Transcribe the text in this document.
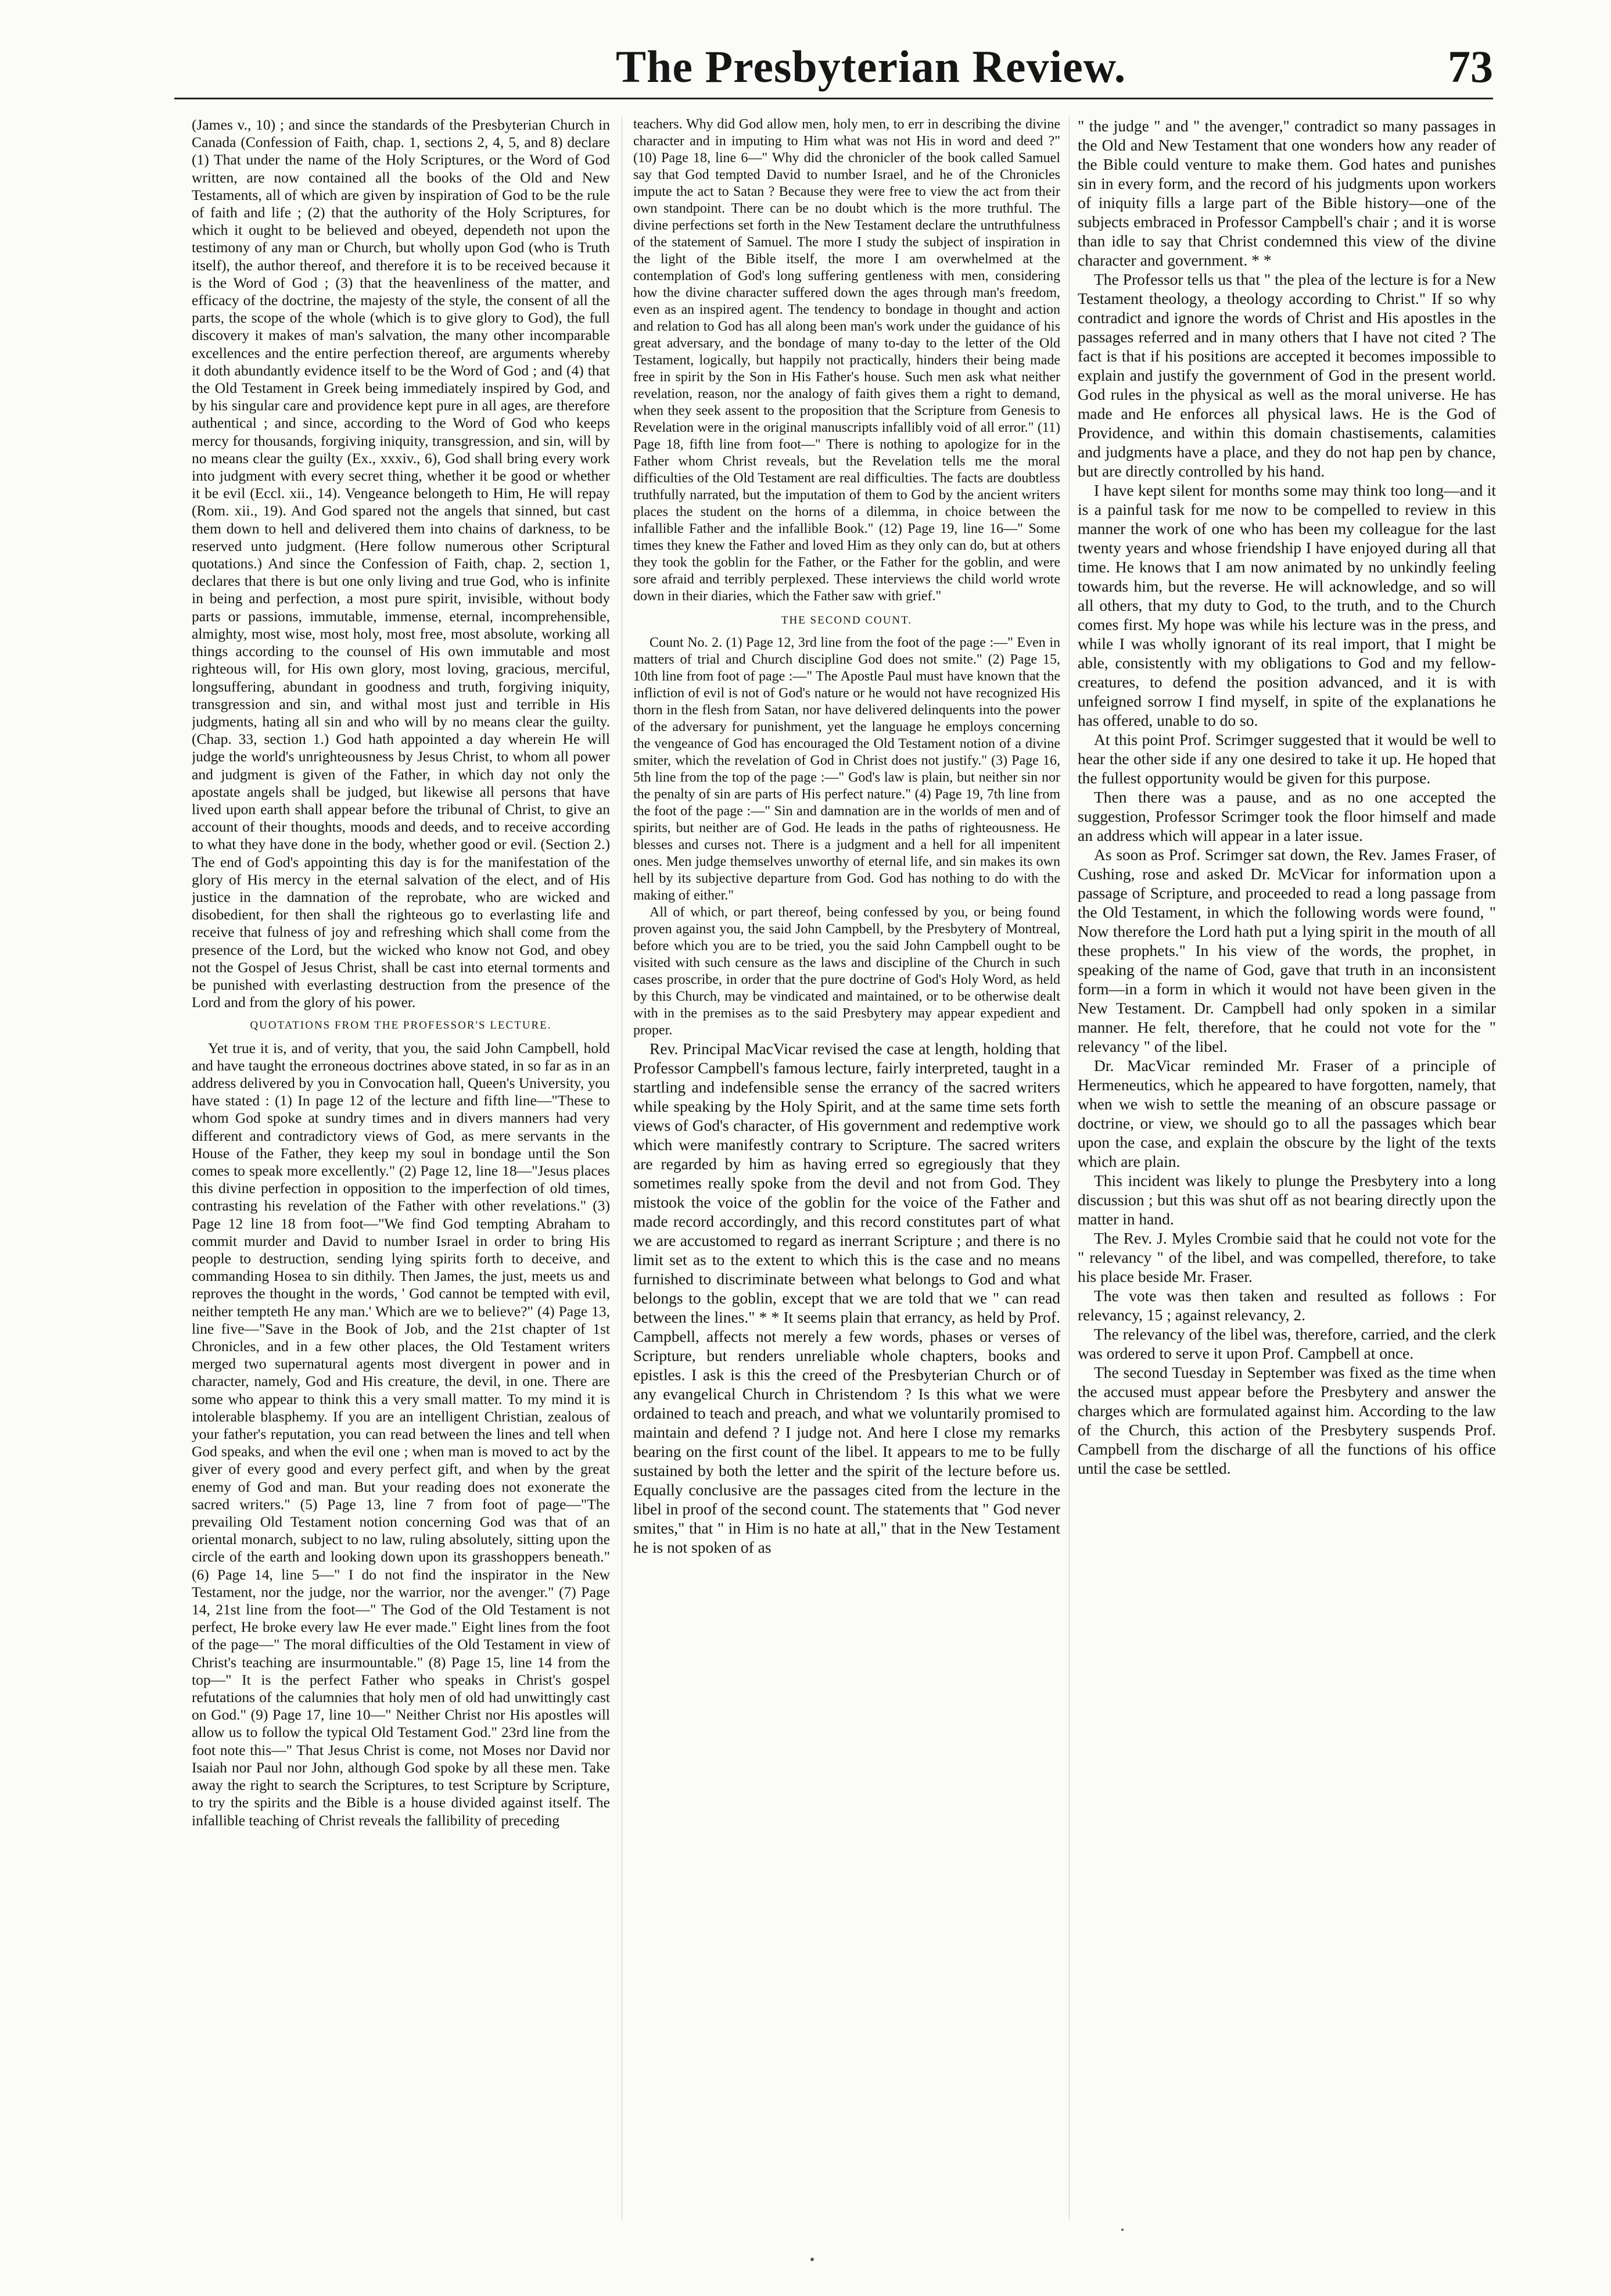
The Presbyterian Review.	73

(James v., 10) ; and since the standards of the Presbyterian Church in Canada (Confession of Faith, chap. 1, sections 2, 4, 5, and 8) declare (1) That under the name of the Holy Scriptures, or the Word of God written, are now contained all the books of the Old and New Testaments, all of which are given by inspiration of God to be the rule of faith and life ; (2) that the authority of the Holy Scriptures, for which it ought to be believed and obeyed, dependeth not upon the testimony of any man or Church, but wholly upon God (who is Truth itself), the author thereof, and therefore it is to be received because it is the Word of God ; (3) that the heavenliness of the matter, and efficacy of the doctrine, the majesty of the style, the consent of all the parts, the scope of the whole (which is to give glory to God), the full discovery it makes of man's salvation, the many other incomparable excellences and the entire perfection thereof, are arguments whereby it doth abundantly evidence itself to be the Word of God ; and (4) that the Old Testament in Greek being immediately inspired by God, and by his singular care and providence kept pure in all ages, are therefore authentical ; and since, according to the Word of God who keeps mercy for thousands, forgiving iniquity, transgression, and sin, will by no means clear the guilty (Ex., xxxiv., 6), God shall bring every work into judgment with every secret thing, whether it be good or whether it be evil (Eccl. xii., 14). Vengeance belongeth to Him, He will repay (Rom. xii., 19). And God spared not the angels that sinned, but cast them down to hell and delivered them into chains of darkness, to be reserved unto judgment. (Here follow numerous other Scriptural quotations.) And since the Confession of Faith, chap. 2, section 1, declares that there is but one only living and true God, who is infinite in being and perfection, a most pure spirit, invisible, without body parts or passions, immutable, immense, eternal, incomprehensible, almighty, most wise, most holy, most free, most absolute, working all things according to the counsel of His own immutable and most righteous will, for His own glory, most loving, gracious, merciful, longsuffering, abundant in goodness and truth, forgiving iniquity, transgression and sin, and withal most just and terrible in His judgments, hating all sin and who will by no means clear the guilty. (Chap. 33, section 1.) God hath appointed a day wherein He will judge the world's unrighteousness by Jesus Christ, to whom all power and judgment is given of the Father, in which day not only the apostate angels shall be judged, but likewise all persons that have lived upon earth shall appear before the tribunal of Christ, to give an account of their thoughts, moods and deeds, and to receive according to what they have done in the body, whether good or evil. (Section 2.) The end of God's appointing this day is for the manifestation of the glory of His mercy in the eternal salvation of the elect, and of His justice in the damnation of the reprobate, who are wicked and disobedient, for then shall the righteous go to everlasting life and receive that fulness of joy and refreshing which shall come from the presence of the Lord, but the wicked who know not God, and obey not the Gospel of Jesus Christ, shall be cast into eternal torments and be punished with everlasting destruction from the presence of the Lord and from the glory of his power.

QUOTATIONS FROM THE PROFESSOR'S LECTURE.

Yet true it is, and of verity, that you, the said John Campbell, hold and have taught the erroneous doctrines above stated, in so far as in an address delivered by you in Convocation hall, Queen's University, you have stated : (1) In page 12 of the lecture and fifth line—"These to whom God spoke at sundry times and in divers manners had very different and contradictory views of God, as mere servants in the House of the Father, they keep my soul in bondage until the Son comes to speak more excellently." (2) Page 12, line 18—"Jesus places this divine perfection in opposition to the imperfection of old times, contrasting his revelation of the Father with other revelations." (3) Page 12 line 18 from foot—"We find God tempting Abraham to commit murder and David to number Israel in order to bring His people to destruction, sending lying spirits forth to deceive, and commanding Hosea to sin dithily. Then James, the just, meets us and reproves the thought in the words, ' God cannot be tempted with evil, neither tempteth He any man.' Which are we to believe?" (4) Page 13, line five—"Save in the Book of Job, and the 21st chapter of 1st Chronicles, and in a few other places, the Old Testament writers merged two supernatural agents most divergent in power and in character, namely, God and His creature, the devil, in one. There are some who appear to think this a very small matter. To my mind it is intolerable blasphemy. If you are an intelligent Christian, zealous of your father's reputation, you can read between the lines and tell when God speaks, and when the evil one ; when man is moved to act by the giver of every good and every perfect gift, and when by the great enemy of God and man. But your reading does not exonerate the sacred writers." (5) Page 13, line 7 from foot of page—"The prevailing Old Testament notion concerning God was that of an oriental monarch, subject to no law, ruling absolutely, sitting upon the circle of the earth and looking down upon its grasshoppers beneath." (6) Page 14, line 5—" I do not find the inspirator in the New Testament, nor the judge, nor the warrior, nor the avenger." (7) Page 14, 21st line from the foot—" The God of the Old Testament is not perfect, He broke every law He ever made." Eight lines from the foot of the page—" The moral difficulties of the Old Testament in view of Christ's teaching are insurmountable." (8) Page 15, line 14 from the top—" It is the perfect Father who speaks in Christ's gospel refutations of the calumnies that holy men of old had unwittingly cast on God." (9) Page 17, line 10—" Neither Christ nor His apostles will allow us to follow the typical Old Testament God." 23rd line from the foot note this—" That Jesus Christ is come, not Moses nor David nor Isaiah nor Paul nor John, although God spoke by all these men. Take away the right to search the Scriptures, to test Scripture by Scripture, to try the spirits and the Bible is a house divided against itself. The infallible teaching of Christ reveals the fallibility of preceding

teachers. Why did God allow men, holy men, to err in describing the divine character and in imputing to Him what was not His in word and deed ?" (10) Page 18, line 6—" Why did the chronicler of the book called Samuel say that God tempted David to number Israel, and he of the Chronicles impute the act to Satan ? Because they were free to view the act from their own standpoint. There can be no doubt which is the more truthful. The divine perfections set forth in the New Testament declare the untruthfulness of the statement of Samuel. The more I study the subject of inspiration in the light of the Bible itself, the more I am overwhelmed at the contemplation of God's long suffering gentleness with men, considering how the divine character suffered down the ages through man's freedom, even as an inspired agent. The tendency to bondage in thought and action and relation to God has all along been man's work under the guidance of his great adversary, and the bondage of many to-day to the letter of the Old Testament, logically, but happily not practically, hinders their being made free in spirit by the Son in His Father's house. Such men ask what neither revelation, reason, nor the analogy of faith gives them a right to demand, when they seek assent to the proposition that the Scripture from Genesis to Revelation were in the original manuscripts infallibly void of all error." (11) Page 18, fifth line from foot—" There is nothing to apologize for in the Father whom Christ reveals, but the Revelation tells me the moral difficulties of the Old Testament are real difficulties. The facts are doubtless truthfully narrated, but the imputation of them to God by the ancient writers places the student on the horns of a dilemma, in choice between the infallible Father and the infallible Book." (12) Page 19, line 16—" Some times they knew the Father and loved Him as they only can do, but at others they took the goblin for the Father, or the Father for the goblin, and were sore afraid and terribly perplexed. These interviews the child world wrote down in their diaries, which the Father saw with grief."

THE SECOND COUNT.

Count No. 2. (1) Page 12, 3rd line from the foot of the page :—" Even in matters of trial and Church discipline God does not smite." (2) Page 15, 10th line from foot of page :—" The Apostle Paul must have known that the infliction of evil is not of God's nature or he would not have recognized His thorn in the flesh from Satan, nor have delivered delinquents into the power of the adversary for punishment, yet the language he employs concerning the vengeance of God has encouraged the Old Testament notion of a divine smiter, which the revelation of God in Christ does not justify." (3) Page 16, 5th line from the top of the page :—" God's law is plain, but neither sin nor the penalty of sin are parts of His perfect nature." (4) Page 19, 7th line from the foot of the page :—" Sin and damnation are in the worlds of men and of spirits, but neither are of God. He leads in the paths of righteousness. He blesses and curses not. There is a judgment and a hell for all impenitent ones. Men judge themselves unworthy of eternal life, and sin makes its own hell by its subjective departure from God. God has nothing to do with the making of either."

All of which, or part thereof, being confessed by you, or being found proven against you, the said John Campbell, by the Presbytery of Montreal, before which you are to be tried, you the said John Campbell ought to be visited with such censure as the laws and discipline of the Church in such cases proscribe, in order that the pure doctrine of God's Holy Word, as held by this Church, may be vindicated and maintained, or to be otherwise dealt with in the premises as to the said Presbytery may appear expedient and proper.

Rev. Principal MacVicar revised the case at length, holding that Professor Campbell's famous lecture, fairly interpreted, taught in a startling and indefensible sense the errancy of the sacred writers while speaking by the Holy Spirit, and at the same time sets forth views of God's character, of His government and redemptive work which were manifestly contrary to Scripture. The sacred writers are regarded by him as having erred so egregiously that they sometimes really spoke from the devil and not from God. They mistook the voice of the goblin for the voice of the Father and made record accordingly, and this record constitutes part of what we are accustomed to regard as inerrant Scripture ; and there is no limit set as to the extent to which this is the case and no means furnished to discriminate between what belongs to God and what belongs to the goblin, except that we are told that we " can read between the lines." * * It seems plain that errancy, as held by Prof. Campbell, affects not merely a few words, phases or verses of Scripture, but renders unreliable whole chapters, books and epistles. I ask is this the creed of the Presbyterian Church or of any evangelical Church in Christendom ? Is this what we were ordained to teach and preach, and what we voluntarily promised to maintain and defend ? I judge not. And here I close my remarks bearing on the first count of the libel. It appears to me to be fully sustained by both the letter and the spirit of the lecture before us. Equally conclusive are the passages cited from the lecture in the libel in proof of the second count. The statements that " God never smites," that " in Him is no hate at all," that in the New Testament he is not spoken of as

" the judge " and " the avenger," contradict so many passages in the Old and New Testament that one wonders how any reader of the Bible could venture to make them. God hates and punishes sin in every form, and the record of his judgments upon workers of iniquity fills a large part of the Bible history—one of the subjects embraced in Professor Campbell's chair ; and it is worse than idle to say that Christ condemned this view of the divine character and government. * *

The Professor tells us that " the plea of the lecture is for a New Testament theology, a theology according to Christ." If so why contradict and ignore the words of Christ and His apostles in the passages referred and in many others that I have not cited ? The fact is that if his positions are accepted it becomes impossible to explain and justify the government of God in the present world. God rules in the physical as well as the moral universe. He has made and He enforces all physical laws. He is the God of Providence, and within this domain chastisements, calamities and judgments have a place, and they do not hap pen by chance, but are directly controlled by his hand.

I have kept silent for months some may think too long—and it is a painful task for me now to be compelled to review in this manner the work of one who has been my colleague for the last twenty years and whose friendship I have enjoyed during all that time. He knows that I am now animated by no unkindly feeling towards him, but the reverse. He will acknowledge, and so will all others, that my duty to God, to the truth, and to the Church comes first. My hope was while his lecture was in the press, and while I was wholly ignorant of its real import, that I might be able, consistently with my obligations to God and my fellow-creatures, to defend the position advanced, and it is with unfeigned sorrow I find myself, in spite of the explanations he has offered, unable to do so.

At this point Prof. Scrimger suggested that it would be well to hear the other side if any one desired to take it up. He hoped that the fullest opportunity would be given for this purpose.

Then there was a pause, and as no one accepted the suggestion, Professor Scrimger took the floor himself and made an address which will appear in a later issue.

As soon as Prof. Scrimger sat down, the Rev. James Fraser, of Cushing, rose and asked Dr. McVicar for information upon a passage of Scripture, and proceeded to read a long passage from the Old Testament, in which the following words were found, " Now therefore the Lord hath put a lying spirit in the mouth of all these prophets." In his view of the words, the prophet, in speaking of the name of God, gave that truth in an inconsistent form—in a form in which it would not have been given in the New Testament. Dr. Campbell had only spoken in a similar manner. He felt, therefore, that he could not vote for the " relevancy " of the libel.

Dr. MacVicar reminded Mr. Fraser of a principle of Hermeneutics, which he appeared to have forgotten, namely, that when we wish to settle the meaning of an obscure passage or doctrine, or view, we should go to all the passages which bear upon the case, and explain the obscure by the light of the texts which are plain.

This incident was likely to plunge the Presbytery into a long discussion ; but this was shut off as not bearing directly upon the matter in hand.

The Rev. J. Myles Crombie said that he could not vote for the " relevancy " of the libel, and was compelled, therefore, to take his place beside Mr. Fraser.

The vote was then taken and resulted as follows : For relevancy, 15 ; against relevancy, 2.

The relevancy of the libel was, therefore, carried, and the clerk was ordered to serve it upon Prof. Campbell at once.

The second Tuesday in September was fixed as the time when the accused must appear before the Presbytery and answer the charges which are formulated against him. According to the law of the Church, this action of the Presbytery suspends Prof. Campbell from the discharge of all the functions of his office until the case be settled.
